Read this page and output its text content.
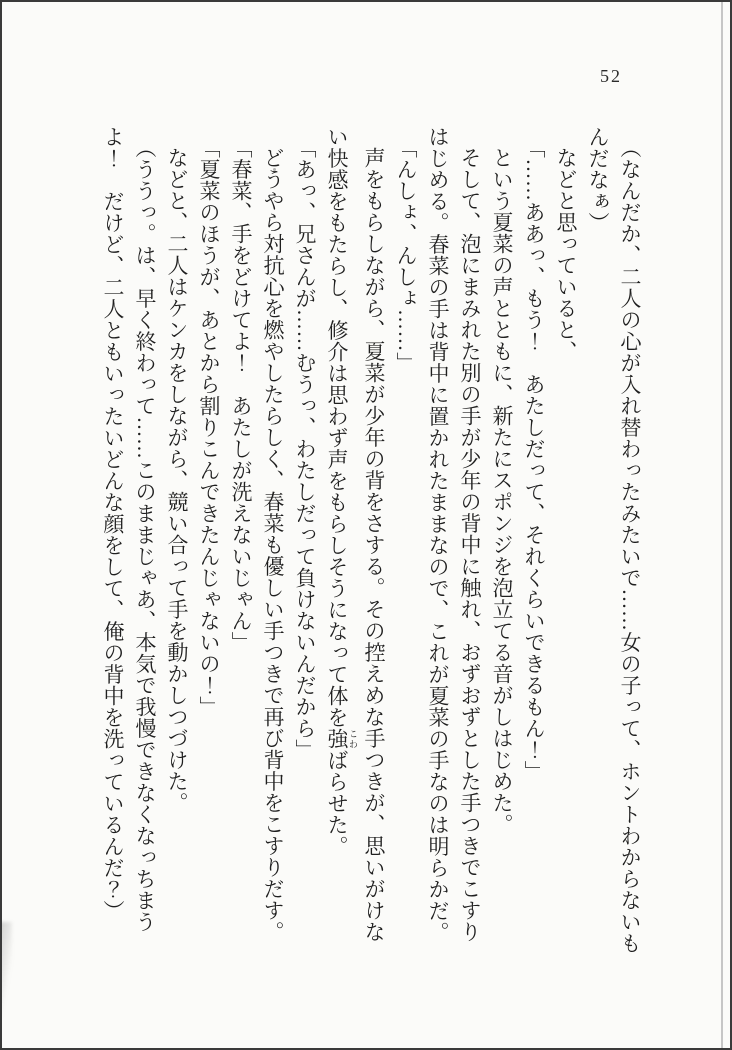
52
（なんだか、二人の心が入れ替わったみたいで……女の子って、ホントわからないも
んだなぁ）
などと思っていると、
「……ああっ、もう！　あたしだって、それくらいできるもん！」
という夏菜の声とともに、新たにスポンジを泡立てる音がしはじめた。
そして、泡にまみれた別の手が少年の背中に触れ、おずおずとした手つきでこすり
はじめる。春菜の手は背中に置かれたままなので、これが夏菜の手なのは明らかだ。
「んしょ、んしょ……」
声をもらしながら、夏菜が少年の背をさする。その控えめな手つきが、思いがけな
い快感をもたらし、修介は思わず声をもらしそうになって体を強 こわばらせた。
「あっ、兄さんが……むうっ、わたしだって負けないんだから」
どうやら対抗心を燃やしたらしく、春菜も優しい手つきで再び背中をこすりだす。
「春菜、手をどけてよ！　あたしが洗えないじゃん」
「夏菜のほうが、あとから割りこんできたんじゃないの！」
などと、二人はケンカをしながら、競い合って手を動かしつづけた。
（ううっ。は、早く終わって……このままじゃあ、本気で我慢できなくなっちまう
よ！　だけど、二人ともいったいどんな顔をして、俺の背中を洗っているんだ？）
